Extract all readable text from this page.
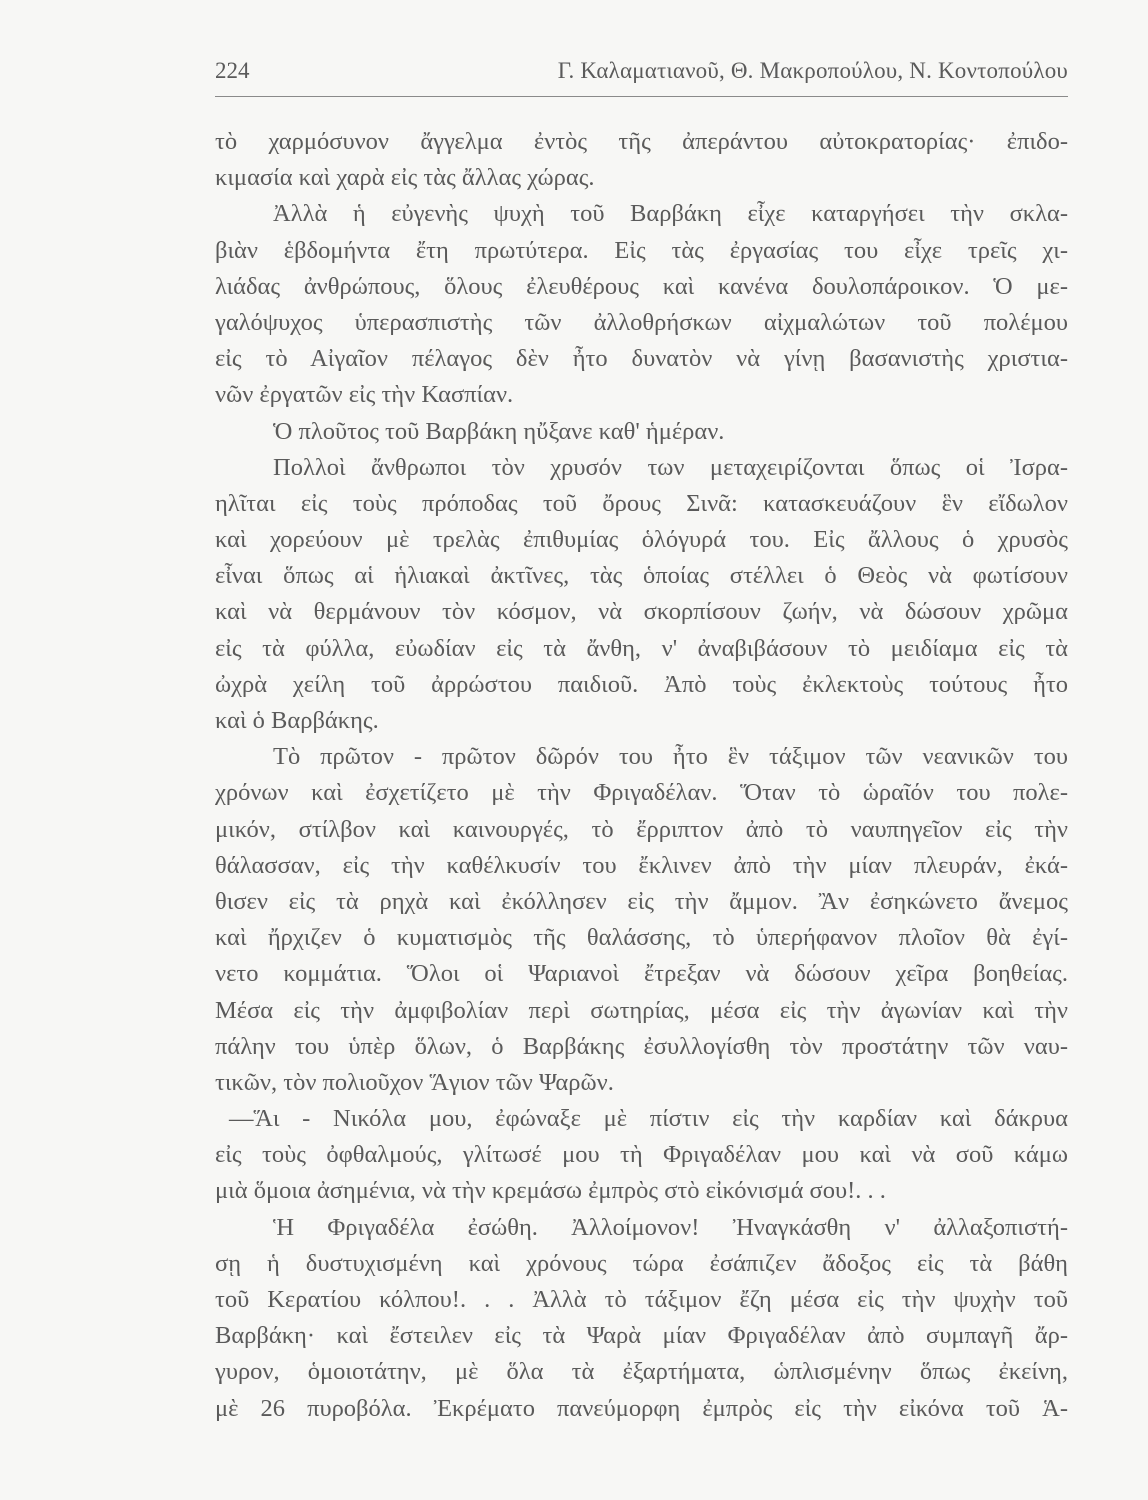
224	Γ. Καλαματιανοῦ, Θ. Μακροπούλου, Ν. Κοντοπούλου
τὸ χαρμόσυνον ἄγγελμα ἐντὸς τῆς ἀπεράντου αὐτοκρατορίας· ἐπιδο-
κιμασία καὶ χαρὰ εἰς τὰς ἄλλας χώρας.
Ἀλλὰ ἡ εὐγενὴς ψυχὴ τοῦ Βαρβάκη εἶχε καταργήσει τὴν σκλα-
βιὰν ἑβδομήντα ἔτη πρωτύτερα. Εἰς τὰς ἐργασίας του εἶχε τρεῖς χι-
λιάδας ἀνθρώπους, ὅλους ἐλευθέρους καὶ κανένα δουλοπάροικον. Ὁ με-
γαλόψυχος ὑπερασπιστὴς τῶν ἀλλοθρήσκων αἰχμαλώτων τοῦ πολέμου
εἰς τὸ Αἰγαῖον πέλαγος δὲν ἦτο δυνατὸν νὰ γίνῃ βασανιστὴς χριστια-
νῶν ἐργατῶν εἰς τὴν Κασπίαν.
Ὁ πλοῦτος τοῦ Βαρβάκη ηὔξανε καθ' ἡμέραν.
Πολλοὶ ἄνθρωποι τὸν χρυσόν των μεταχειρίζονται ὅπως οἱ Ἰσρα-
ηλῖται εἰς τοὺς πρόποδας τοῦ ὄρους Σινᾶ: κατασκευάζουν ἓν εἴδωλον
καὶ χορεύουν μὲ τρελὰς ἐπιθυμίας ὁλόγυρά του. Εἰς ἄλλους ὁ χρυσὸς
εἶναι ὅπως αἱ ἡλιακαὶ ἀκτῖνες, τὰς ὁποίας στέλλει ὁ Θεὸς νὰ φωτίσουν
καὶ νὰ θερμάνουν τὸν κόσμον, νὰ σκορπίσουν ζωήν, νὰ δώσουν χρῶμα
εἰς τὰ φύλλα, εὐωδίαν εἰς τὰ ἄνθη, ν' ἀναβιβάσουν τὸ μειδίαμα εἰς τὰ
ὠχρὰ χείλη τοῦ ἀρρώστου παιδιοῦ. Ἀπὸ τοὺς ἐκλεκτοὺς τούτους ἦτο
καὶ ὁ Βαρβάκης.
Τὸ πρῶτον - πρῶτον δῶρόν του ἦτο ἓν τάξιμον τῶν νεανικῶν του
χρόνων καὶ ἐσχετίζετο μὲ τὴν Φριγαδέλαν. Ὅταν τὸ ὡραῖόν του πολε-
μικόν, στίλβον καὶ καινουργές, τὸ ἔρριπτον ἀπὸ τὸ ναυπηγεῖον εἰς τὴν
θάλασσαν, εἰς τὴν καθέλκυσίν του ἔκλινεν ἀπὸ τὴν μίαν πλευράν, ἐκά-
θισεν εἰς τὰ ρηχὰ καὶ ἐκόλλησεν εἰς τὴν ἄμμον. Ἂν ἐσηκώνετο ἄνεμος
καὶ ἤρχιζεν ὁ κυματισμὸς τῆς θαλάσσης, τὸ ὑπερήφανον πλοῖον θὰ ἐγί-
νετο κομμάτια. Ὅλοι οἱ Ψαριανοὶ ἔτρεξαν νὰ δώσουν χεῖρα βοηθείας.
Μέσα εἰς τὴν ἀμφιβολίαν περὶ σωτηρίας, μέσα εἰς τὴν ἀγωνίαν καὶ τὴν
πάλην του ὑπὲρ ὅλων, ὁ Βαρβάκης ἐσυλλογίσθη τὸν προστάτην τῶν ναυ-
τικῶν, τὸν πολιοῦχον Ἅγιον τῶν Ψαρῶν.
—Ἅι - Νικόλα μου, ἐφώναξε μὲ πίστιν εἰς τὴν καρδίαν καὶ δάκρυα
εἰς τοὺς ὀφθαλμούς, γλίτωσέ μου τὴ Φριγαδέλαν μου καὶ νὰ σοῦ κάμω
μιὰ ὅμοια ἀσημένια, νὰ τὴν κρεμάσω ἐμπρὸς στὸ εἰκόνισμά σου!. . .
Ἡ Φριγαδέλα ἐσώθη. Ἀλλοίμονον! Ἠναγκάσθη ν' ἀλλαξοπιστή-
σῃ ἡ δυστυχισμένη καὶ χρόνους τώρα ἐσάπιζεν ἄδοξος εἰς τὰ βάθη
τοῦ Κερατίου κόλπου!. . . Ἀλλὰ τὸ τάξιμον ἔζη μέσα εἰς τὴν ψυχὴν τοῦ
Βαρβάκη· καὶ ἔστειλεν εἰς τὰ Ψαρὰ μίαν Φριγαδέλαν ἀπὸ συμπαγῆ ἄρ-
γυρον, ὁμοιοτάτην, μὲ ὅλα τὰ ἐξαρτήματα, ὡπλισμένην ὅπως ἐκείνη,
μὲ 26 πυροβόλα. Ἐκρέματο πανεύμορφη ἐμπρὸς εἰς τὴν εἰκόνα τοῦ Ἁ-
